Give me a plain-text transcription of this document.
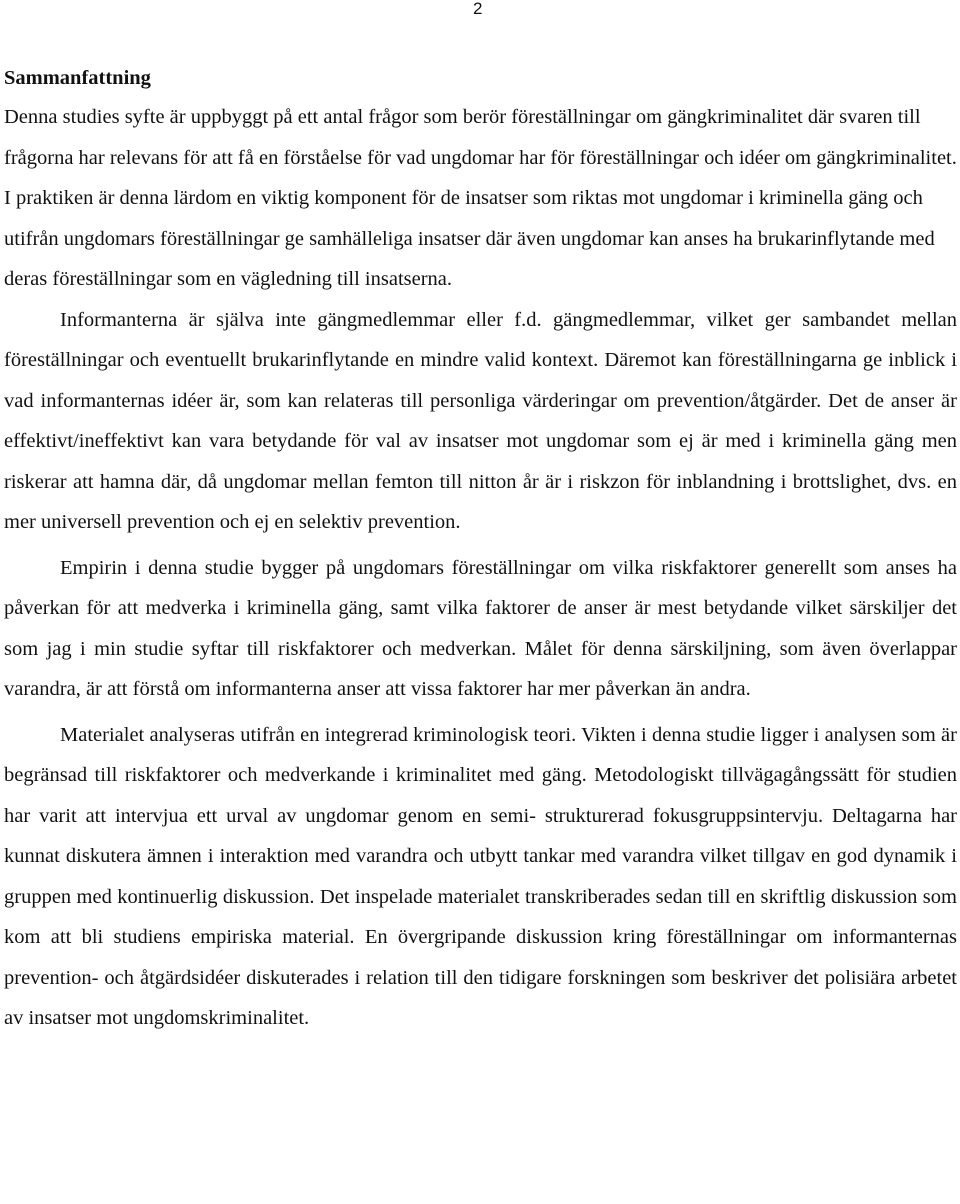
2
Sammanfattning

Denna studies syfte är uppbyggt på ett antal frågor som berör föreställningar om gängkriminalitet där svaren till frågorna har relevans för att få en förståelse för vad ungdomar har för föreställningar och idéer om gängkriminalitet. I praktiken är denna lärdom en viktig komponent för de insatser som riktas mot ungdomar i kriminella gäng och utifrån ungdomars föreställningar ge samhälleliga insatser där även ungdomar kan anses ha brukarinflytande med deras föreställningar som en vägledning till insatserna.

Informanterna är själva inte gängmedlemmar eller f.d. gängmedlemmar, vilket ger sambandet mellan föreställningar och eventuellt brukarinflytande en mindre valid kontext. Däremot kan föreställningarna ge inblick i vad informanternas idéer är, som kan relateras till personliga värderingar om prevention/åtgärder. Det de anser är effektivt/ineffektivt kan vara betydande för val av insatser mot ungdomar som ej är med i kriminella gäng men riskerar att hamna där, då ungdomar mellan femton till nitton år är i riskzon för inblandning i brottslighet, dvs. en mer universell prevention och ej en selektiv prevention.

Empirin i denna studie bygger på ungdomars föreställningar om vilka riskfaktorer generellt som anses ha påverkan för att medverka i kriminella gäng, samt vilka faktorer de anser är mest betydande vilket särskiljer det som jag i min studie syftar till riskfaktorer och medverkan. Målet för denna särskiljning, som även överlappar varandra, är att förstå om informanterna anser att vissa faktorer har mer påverkan än andra.

Materialet analyseras utifrån en integrerad kriminologisk teori. Vikten i denna studie ligger i analysen som är begränsad till riskfaktorer och medverkande i kriminalitet med gäng. Metodologiskt tillvägagångssätt för studien har varit att intervjua ett urval av ungdomar genom en semi- strukturerad fokusgruppsintervju. Deltagarna har kunnat diskutera ämnen i interaktion med varandra och utbytt tankar med varandra vilket tillgav en god dynamik i gruppen med kontinuerlig diskussion. Det inspelade materialet transkriberades sedan till en skriftlig diskussion som kom att bli studiens empiriska material. En övergripande diskussion kring föreställningar om informanternas prevention- och åtgärdsidéer diskuterades i relation till den tidigare forskningen som beskriver det polisiära arbetet av insatser mot ungdomskriminalitet.
